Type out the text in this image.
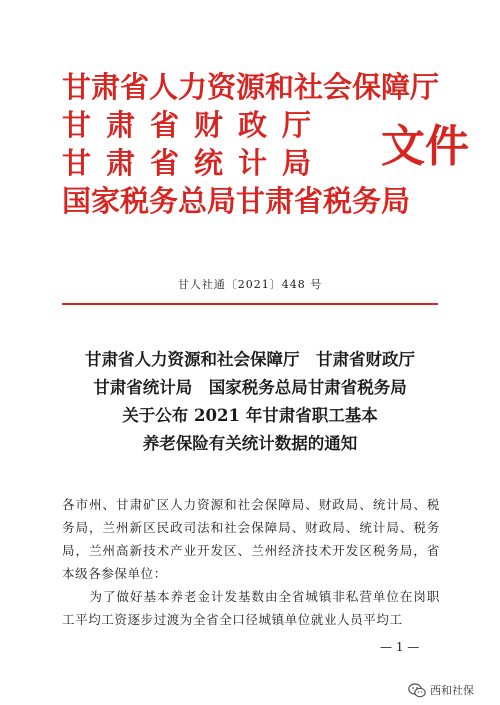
甘肃省人力资源和社会保障厅
甘肃省财政厅
甘肃省统计局
国家税务总局甘肃省税务局
文件
甘人社通〔2021〕448 号
甘肃省人力资源和社会保障厅　甘肃省财政厅
甘肃省统计局　国家税务总局甘肃省税务局
关于公布 2021 年甘肃省职工基本
养老保险有关统计数据的通知
各市州、甘肃矿区人力资源和社会保障局、财政局、统计局、税务局，兰州新区民政司法和社会保障局、财政局、统计局、税务局，兰州高新技术产业开发区、兰州经济技术开发区税务局，省本级各参保单位：
为了做好基本养老金计发基数由全省城镇非私营单位在岗职工平均工资逐步过渡为全省全口径城镇单位就业人员平均工
— 1 —
西和社保
